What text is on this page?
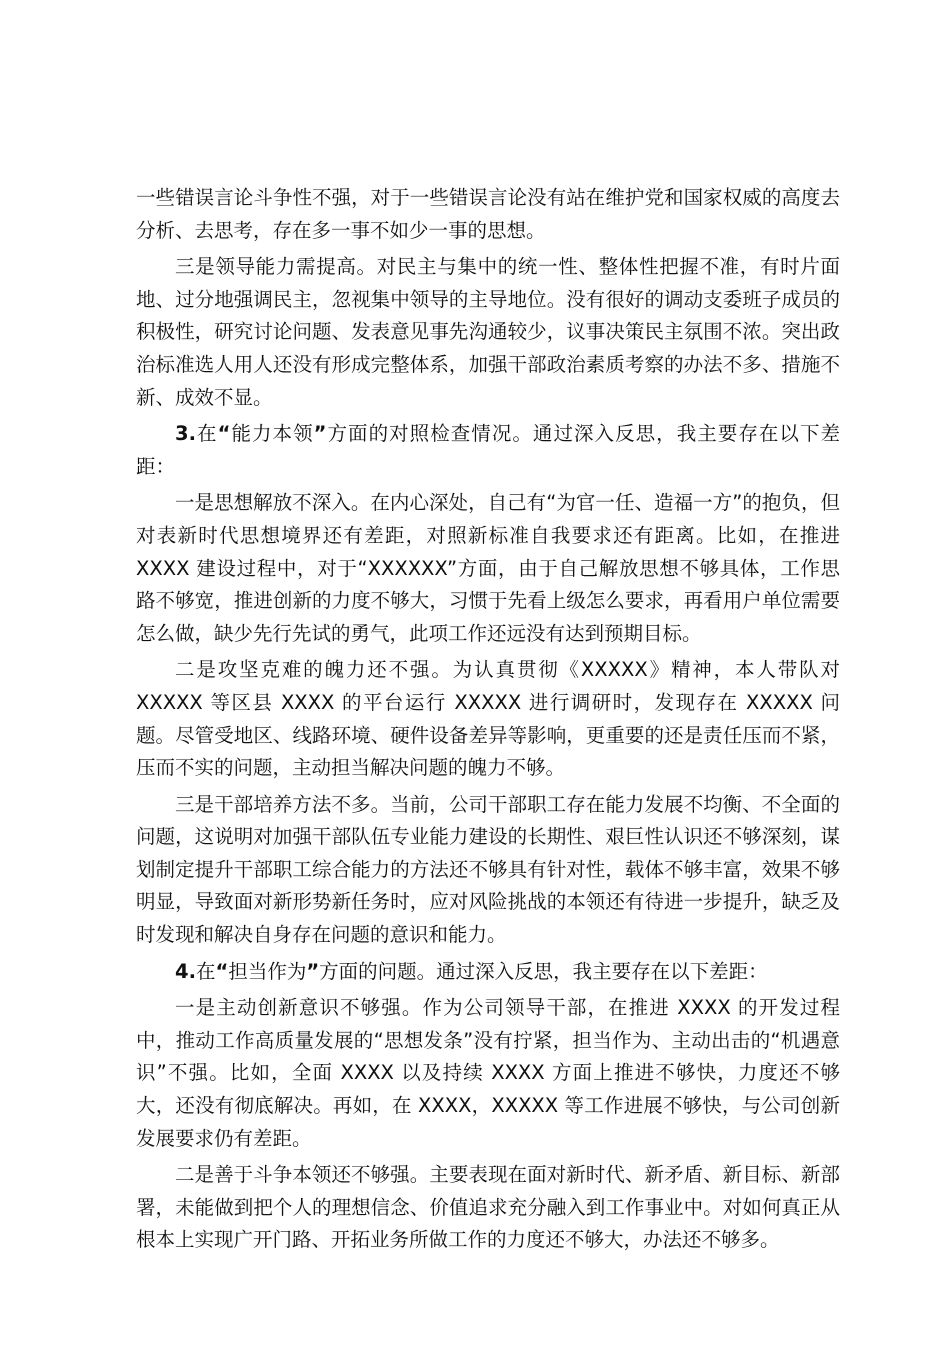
一些错误言论斗争性不强，对于一些错误言论没有站在维护党和国家权威的高度去分析、去思考，存在多一事不如少一事的思想。

三是领导能力需提高。对民主与集中的统一性、整体性把握不准，有时片面地、过分地强调民主，忽视集中领导的主导地位。没有很好的调动支委班子成员的积极性，研究讨论问题、发表意见事先沟通较少，议事决策民主氛围不浓。突出政治标准选人用人还没有形成完整体系，加强干部政治素质考察的办法不多、措施不新、成效不显。

3.在“能力本领”方面的对照检查情况。通过深入反思，我主要存在以下差距：

一是思想解放不深入。在内心深处，自己有“为官一任、造福一方”的抱负，但对表新时代思想境界还有差距，对照新标准自我要求还有距离。比如，在推进 XXXX 建设过程中，对于“XXXXXX”方面，由于自己解放思想不够具体，工作思路不够宽，推进创新的力度不够大，习惯于先看上级怎么要求，再看用户单位需要怎么做，缺少先行先试的勇气，此项工作还远没有达到预期目标。

二是攻坚克难的魄力还不强。为认真贯彻《XXXXX》精神，本人带队对 XXXXX 等区县 XXXX 的平台运行 XXXXX 进行调研时，发现存在 XXXXX 问题。尽管受地区、线路环境、硬件设备差异等影响，更重要的还是责任压而不紧，压而不实的问题，主动担当解决问题的魄力不够。

三是干部培养方法不多。当前，公司干部职工存在能力发展不均衡、不全面的问题，这说明对加强干部队伍专业能力建设的长期性、艰巨性认识还不够深刻，谋划制定提升干部职工综合能力的方法还不够具有针对性，载体不够丰富，效果不够明显，导致面对新形势新任务时，应对风险挑战的本领还有待进一步提升，缺乏及时发现和解决自身存在问题的意识和能力。

4.在“担当作为”方面的问题。通过深入反思，我主要存在以下差距：

一是主动创新意识不够强。作为公司领导干部，在推进 XXXX 的开发过程中，推动工作高质量发展的“思想发条”没有拧紧，担当作为、主动出击的“机遇意识”不强。比如，全面 XXXX 以及持续 XXXX 方面上推进不够快，力度还不够大，还没有彻底解决。再如，在 XXXX，XXXXX 等工作进展不够快，与公司创新发展要求仍有差距。

二是善于斗争本领还不够强。主要表现在面对新时代、新矛盾、新目标、新部署，未能做到把个人的理想信念、价值追求充分融入到工作事业中。对如何真正从根本上实现广开门路、开拓业务所做工作的力度还不够大，办法还不够多。
